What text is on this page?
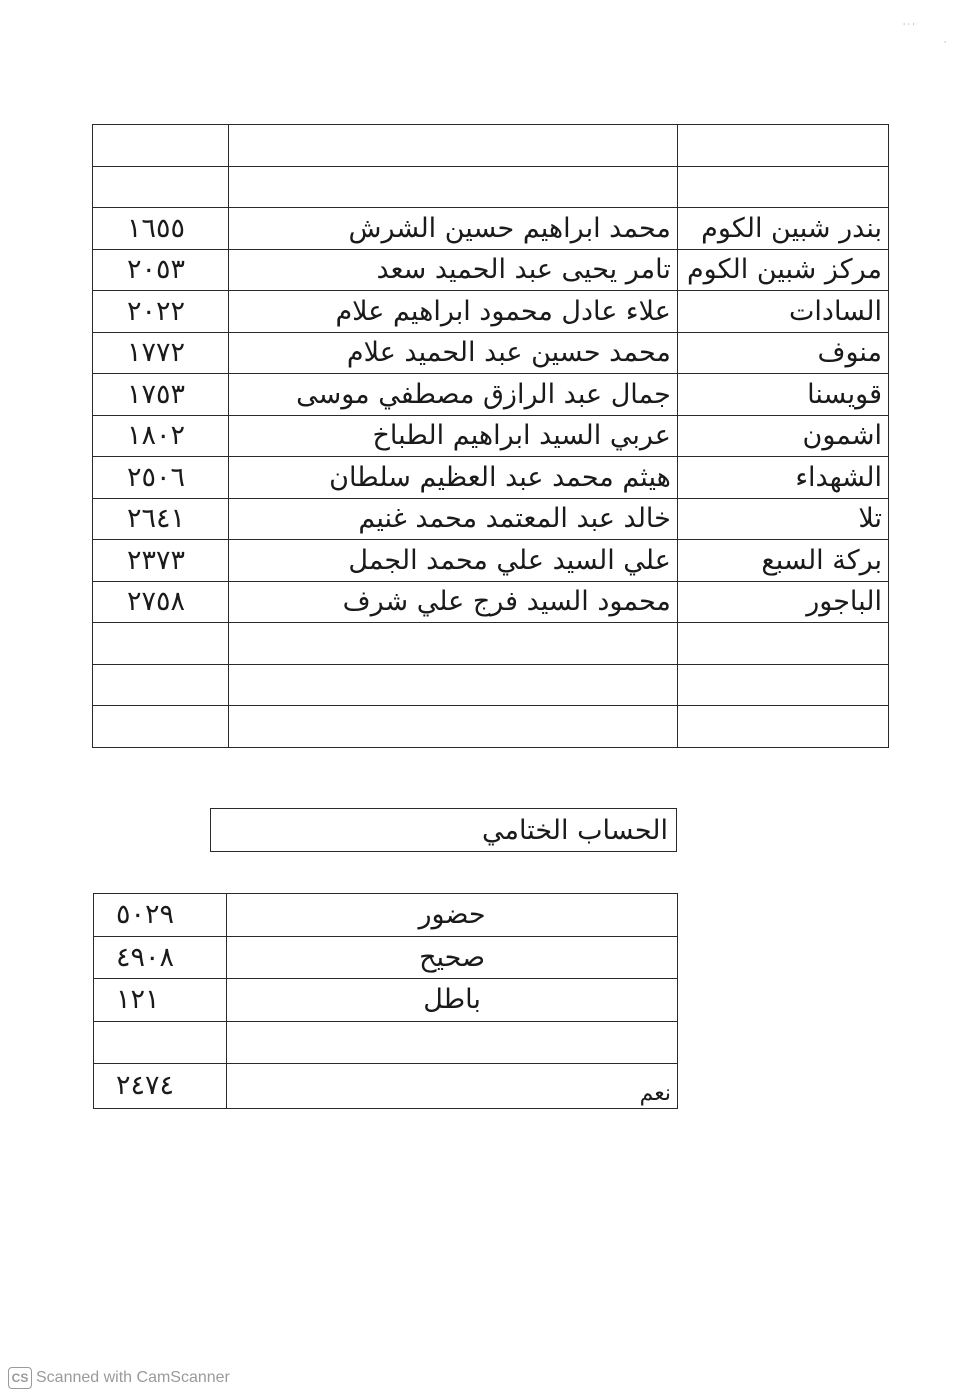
' ' '
'

١٦٥٥	محمد ابراهيم حسين الشرش	بندر شبين الكوم
٢٠٥٣	تامر يحيى عبد الحميد سعد	مركز شبين الكوم
٢٠٢٢	علاء عادل محمود ابراهيم علام	السادات
١٧٧٢	محمد حسين عبد الحميد علام	منوف
١٧٥٣	جمال عبد الرازق مصطفي موسى	قويسنا
١٨٠٢	عربي السيد ابراهيم الطباخ	اشمون
٢٥٠٦	هيثم محمد عبد العظيم سلطان	الشهداء
٢٦٤١	خالد عبد المعتمد محمد غنيم	تلا
٢٣٧٣	علي السيد علي محمد الجمل	بركة السبع
٢٧٥٨	محمود السيد فرج علي شرف	الباجور

الحساب الختامي
٥٠٢٩	حضور
٤٩٠٨	صحيح
١٢١	باطل

٢٤٧٤	نعم
CS Scanned with CamScanner
